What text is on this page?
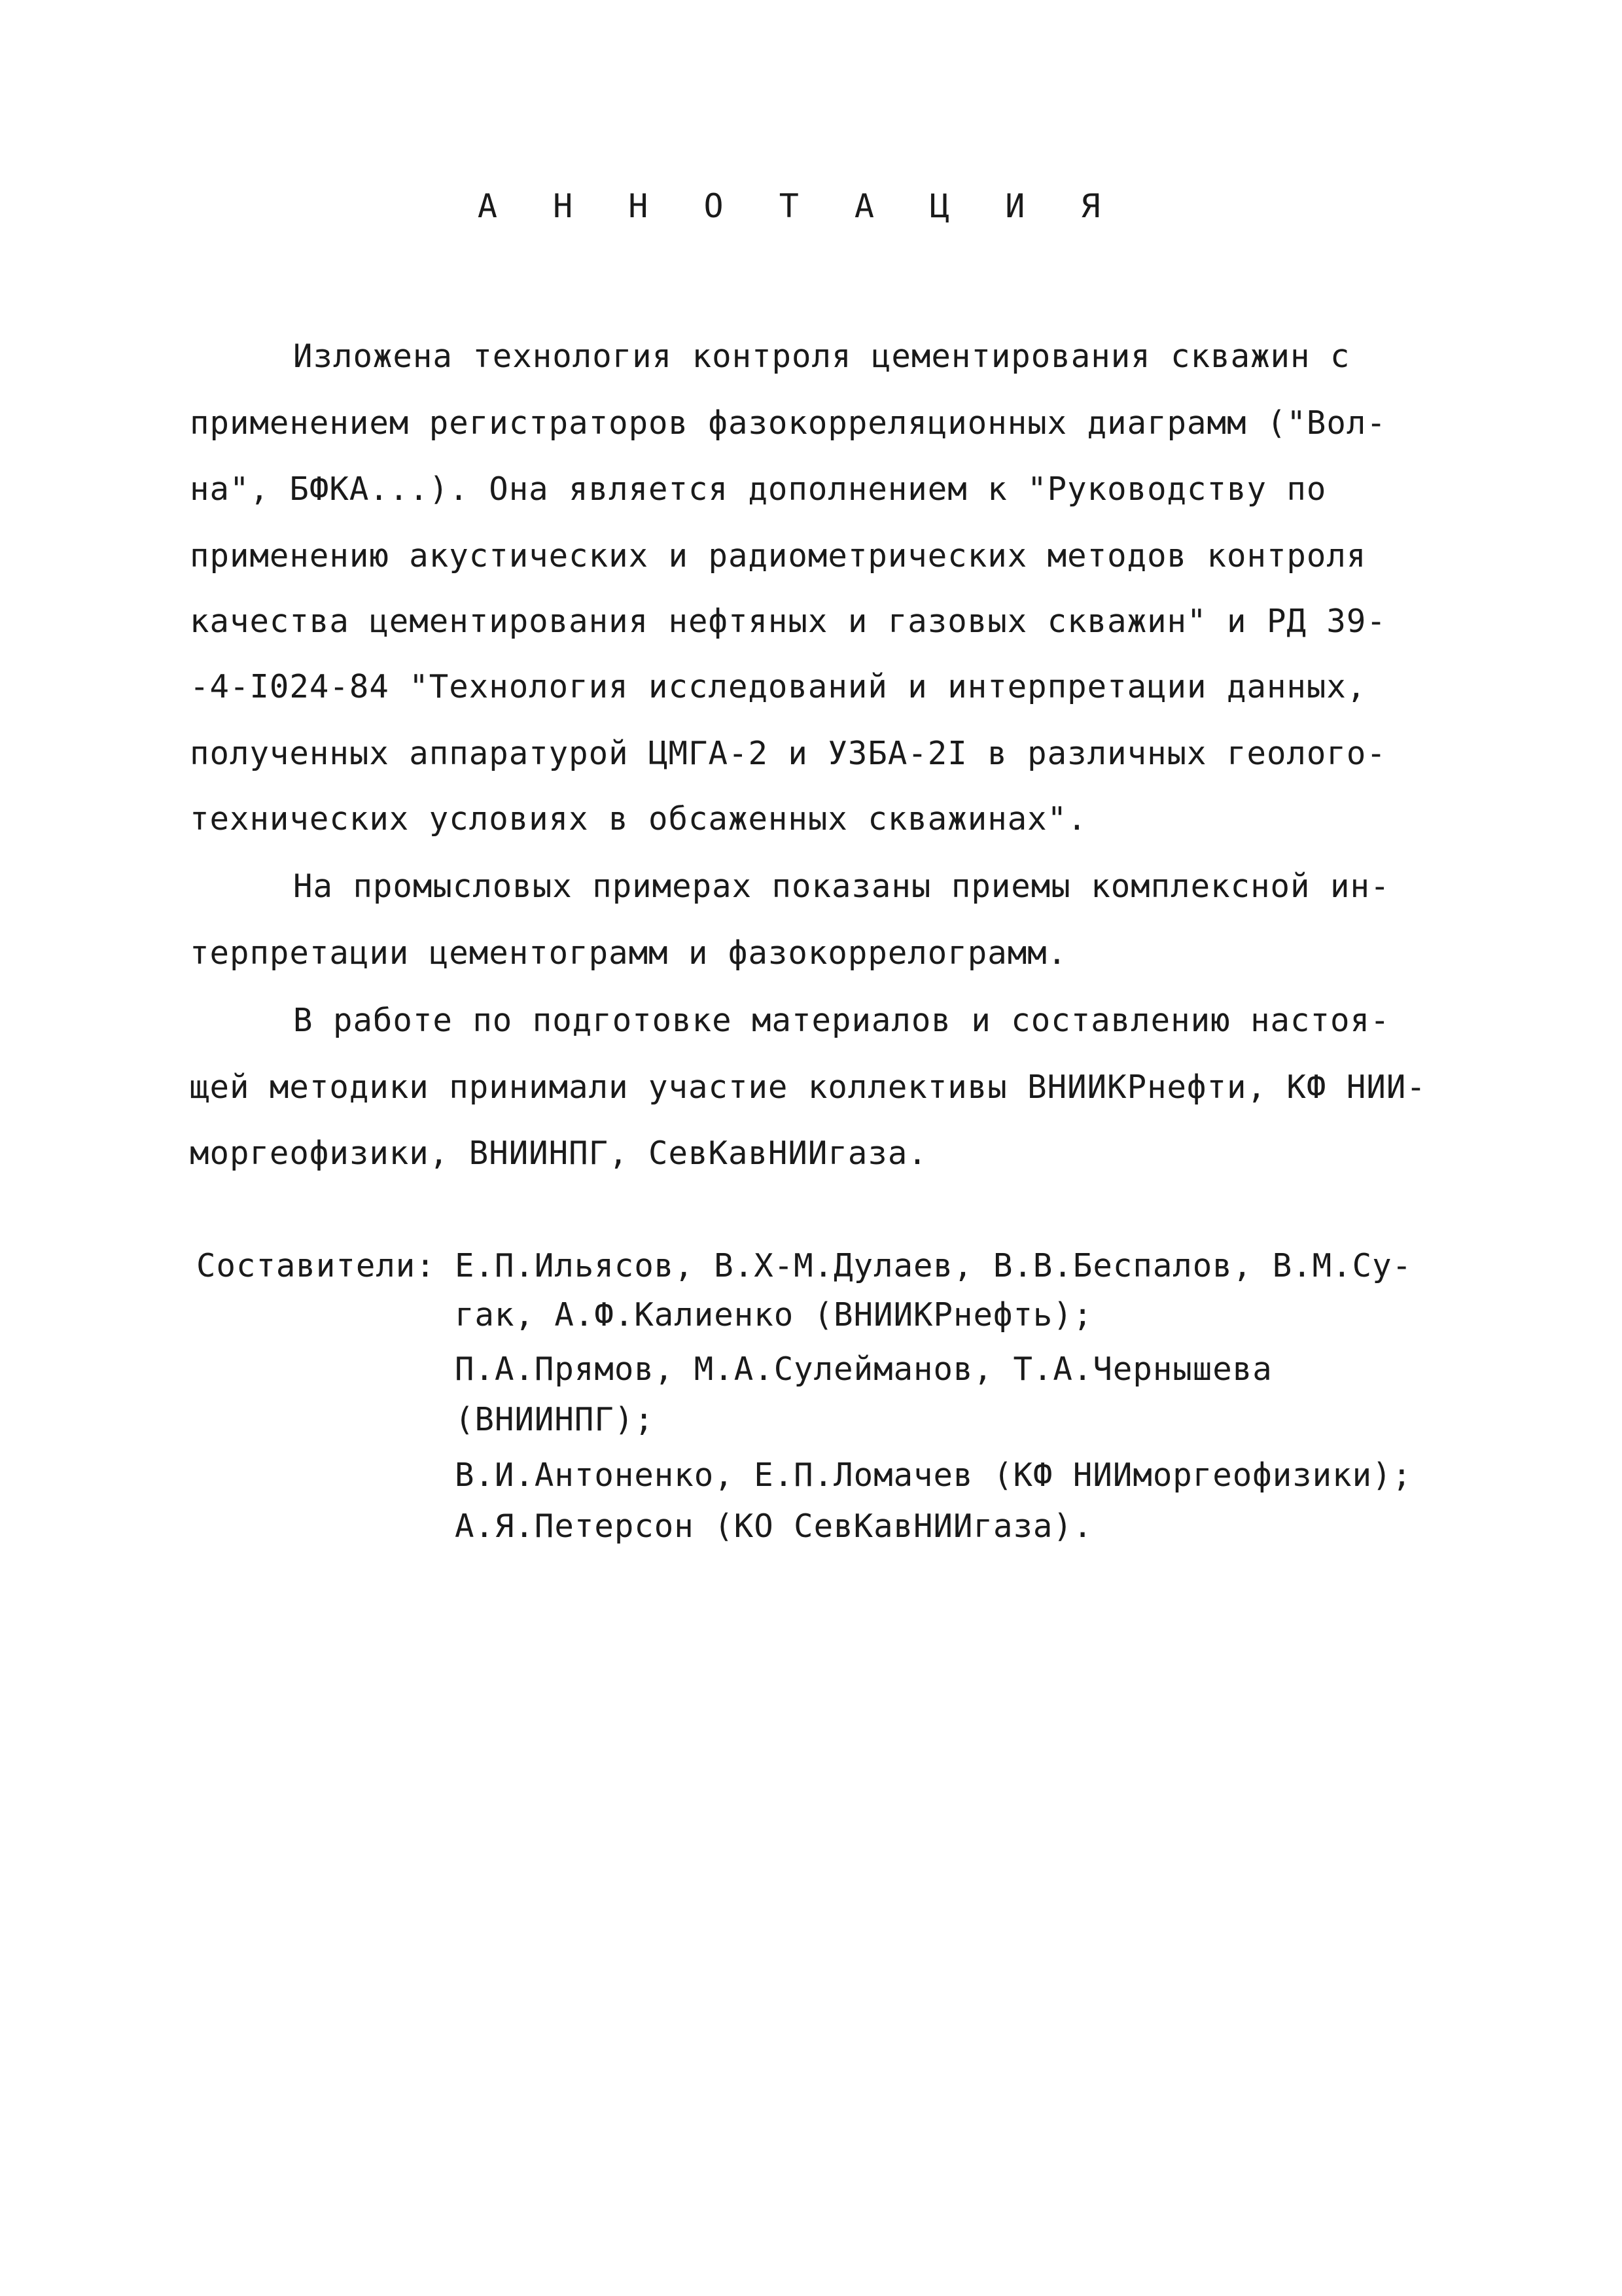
А Н Н О Т А Ц И Я
Изложена технология контроля цементирования скважин с
применением регистраторов фазокорреляционных диаграмм ("Вол-
на", БФКА...). Она является дополнением к "Руководству по
применению акустических и радиометрических методов контроля
качества цементирования нефтяных и газовых скважин" и РД 39-
-4-I024-84 "Технология исследований и интерпретации данных,
полученных аппаратурой ЦМГА-2 и УЗБА-2I в различных геолого-
технических условиях в обсаженных скважинах".
На промысловых примерах показаны приемы комплексной ин-
терпретации цементограмм и фазокоррелограмм.
В работе по подготовке материалов и составлению настоя-
щей методики принимали участие коллективы ВНИИКРнефти, КФ НИИ-
моргеофизики, ВНИИНПГ, СевКавНИИгаза.
Составители: Е.П.Ильясов, В.Х-М.Дулаев, В.В.Беспалов, В.М.Су-
гак, А.Ф.Калиенко (ВНИИКРнефть);
П.А.Прямов, М.А.Сулейманов, Т.А.Чернышева
(ВНИИНПГ);
В.И.Антоненко, Е.П.Ломачев (КФ НИИморгеофизики);
А.Я.Петерсон (КО СевКавНИИгаза).
